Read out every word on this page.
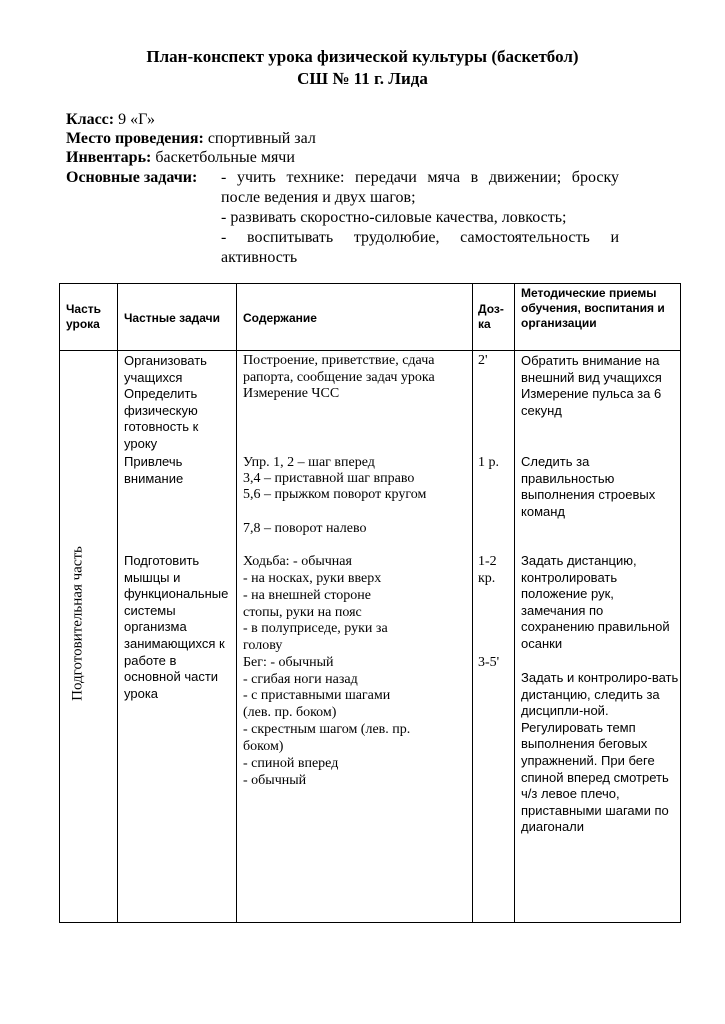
План-конспект урока физической культуры (баскетбол)
СШ № 11 г. Лида
Класс: 9 «Г»
Место проведения: спортивный зал
Инвентарь: баскетбольные мячи
Основные задачи: - учить технике: передачи мяча в движении; броску
после ведения и двух шагов;
- развивать скоростно-силовые качества, ловкость;
- воспитывать трудолюбие, самостоятельность и
активность
Часть урока	Частные задачи	Содержание
Доз-ка
Методические приемы обучения, воспитания и организации
Подготовительная часть
Организовать учащихся
Определить физическую готовность к уроку
Привлечь внимание
Подготовить мышцы и функциональные системы организма занимающихся к работе в основной части урока
Построение, приветствие, сдача рапорта, сообщение задач урока
Измерение ЧСС
Упр. 1, 2 – шаг вперед
3,4 – приставной шаг вправо
5,6 – прыжком поворот кругом
7,8 – поворот налево
Ходьба: - обычная
- на носках, руки вверх
- на внешней стороне стопы, руки на пояс
- в полуприседе, руки за голову
Бег: - обычный
- сгибая ноги назад
- с приставными шагами (лев. пр. боком)
- скрестным шагом (лев. пр. боком)
- спиной вперед
- обычный
2'
1 р.
1-2 кр.
3-5'
Обратить внимание на внешний вид учащихся
Измерение пульса за 6 секунд
Следить за правильностью выполнения строевых команд
Задать дистанцию, контролировать положение рук, замечания по сохранению правильной осанки
Задать и контролиро-вать дистанцию, следить за дисципли-ной. Регулировать темп выполнения беговых упражнений. При беге спиной вперед смотреть ч/з левое плечо, приставными шагами по диагонали
